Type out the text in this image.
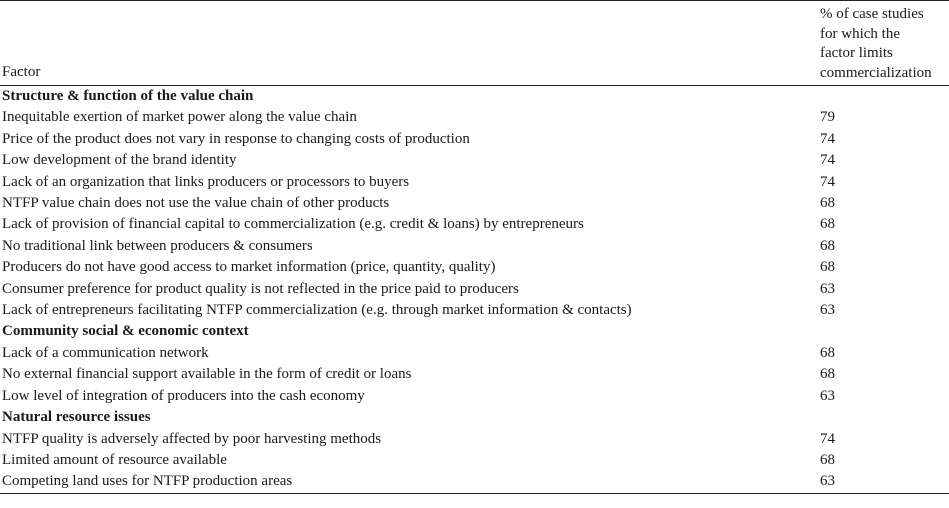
Factor	% of case studies
for which the
factor limits
commercialization

Structure & function of the value chain	
Inequitable exertion of market power along the value chain	79
Price of the product does not vary in response to changing costs of production	74
Low development of the brand identity	74
Lack of an organization that links producers or processors to buyers	74
NTFP value chain does not use the value chain of other products	68
Lack of provision of financial capital to commercialization (e.g. credit & loans) by entrepreneurs	68
No traditional link between producers & consumers	68
Producers do not have good access to market information (price, quantity, quality)	68
Consumer preference for product quality is not reflected in the price paid to producers	63
Lack of entrepreneurs facilitating NTFP commercialization (e.g. through market information & contacts)	63
Community social & economic context	
Lack of a communication network	68
No external financial support available in the form of credit or loans	68
Low level of integration of producers into the cash economy	63
Natural resource issues	
NTFP quality is adversely affected by poor harvesting methods	74
Limited amount of resource available	68
Competing land uses for NTFP production areas	63
